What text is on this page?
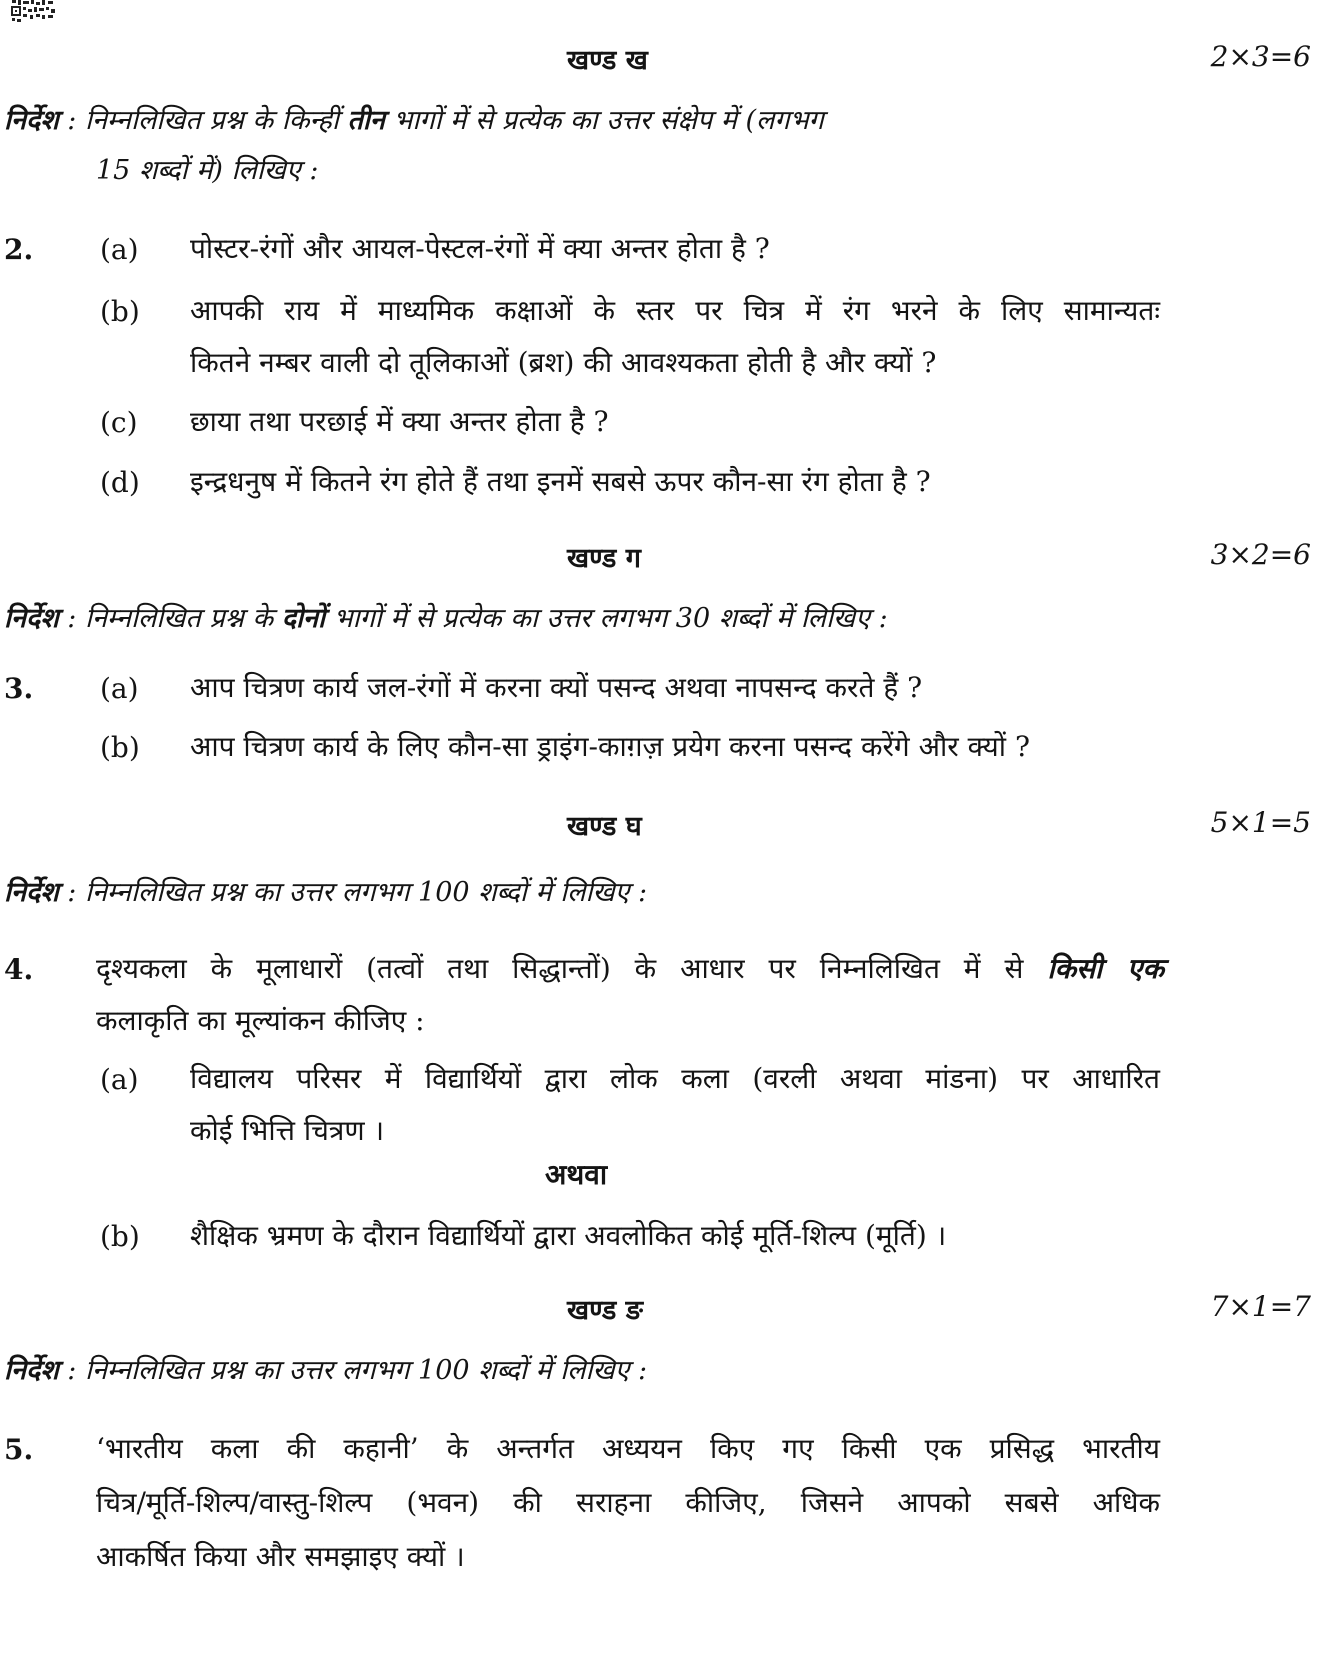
खण्ड ख	2×3=6
निर्देश : निम्नलिखित प्रश्न के किन्हीं तीन भागों में से प्रत्येक का उत्तर संक्षेप में (लगभग
15 शब्दों में) लिखिए :
2. (a) पोस्टर-रंगों और आयल-पेस्टल-रंगों में क्या अन्तर होता है ?
(b) आपकी राय में माध्यमिक कक्षाओं के स्तर पर चित्र में रंग भरने के लिए सामान्यतः
कितने नम्बर वाली दो तूलिकाओं (ब्रश) की आवश्यकता होती है और क्यों ?
(c) छाया तथा परछाई में क्या अन्तर होता है ?
(d) इन्द्रधनुष में कितने रंग होते हैं तथा इनमें सबसे ऊपर कौन-सा रंग होता है ?
खण्ड ग	3×2=6
निर्देश : निम्नलिखित प्रश्न के दोनों भागों में से प्रत्येक का उत्तर लगभग 30 शब्दों में लिखिए :
3. (a) आप चित्रण कार्य जल-रंगों में करना क्यों पसन्द अथवा नापसन्द करते हैं ?
(b) आप चित्रण कार्य के लिए कौन-सा ड्राइंग-काग़ज़ प्रयेग करना पसन्द करेंगे और क्यों ?
खण्ड घ	5×1=5
निर्देश : निम्नलिखित प्रश्न का उत्तर लगभग 100 शब्दों में लिखिए :
4. दृश्यकला के मूलाधारों (तत्वों तथा सिद्धान्तों) के आधार पर निम्नलिखित में से किसी एक
कलाकृति का मूल्यांकन कीजिए :
(a) विद्यालय परिसर में विद्यार्थियों द्वारा लोक कला (वरली अथवा मांडना) पर आधारित
कोई भित्ति चित्रण ।
अथवा
(b) शैक्षिक भ्रमण के दौरान विद्यार्थियों द्वारा अवलोकित कोई मूर्ति-शिल्प (मूर्ति) ।
खण्ड ङ	7×1=7
निर्देश : निम्नलिखित प्रश्न का उत्तर लगभग 100 शब्दों में लिखिए :
5. ‘भारतीय कला की कहानी’ के अन्तर्गत अध्ययन किए गए किसी एक प्रसिद्ध भारतीय
चित्र/मूर्ति-शिल्प/वास्तु-शिल्प (भवन) की सराहना कीजिए, जिसने आपको सबसे अधिक
आकर्षित किया और समझाइए क्यों ।
